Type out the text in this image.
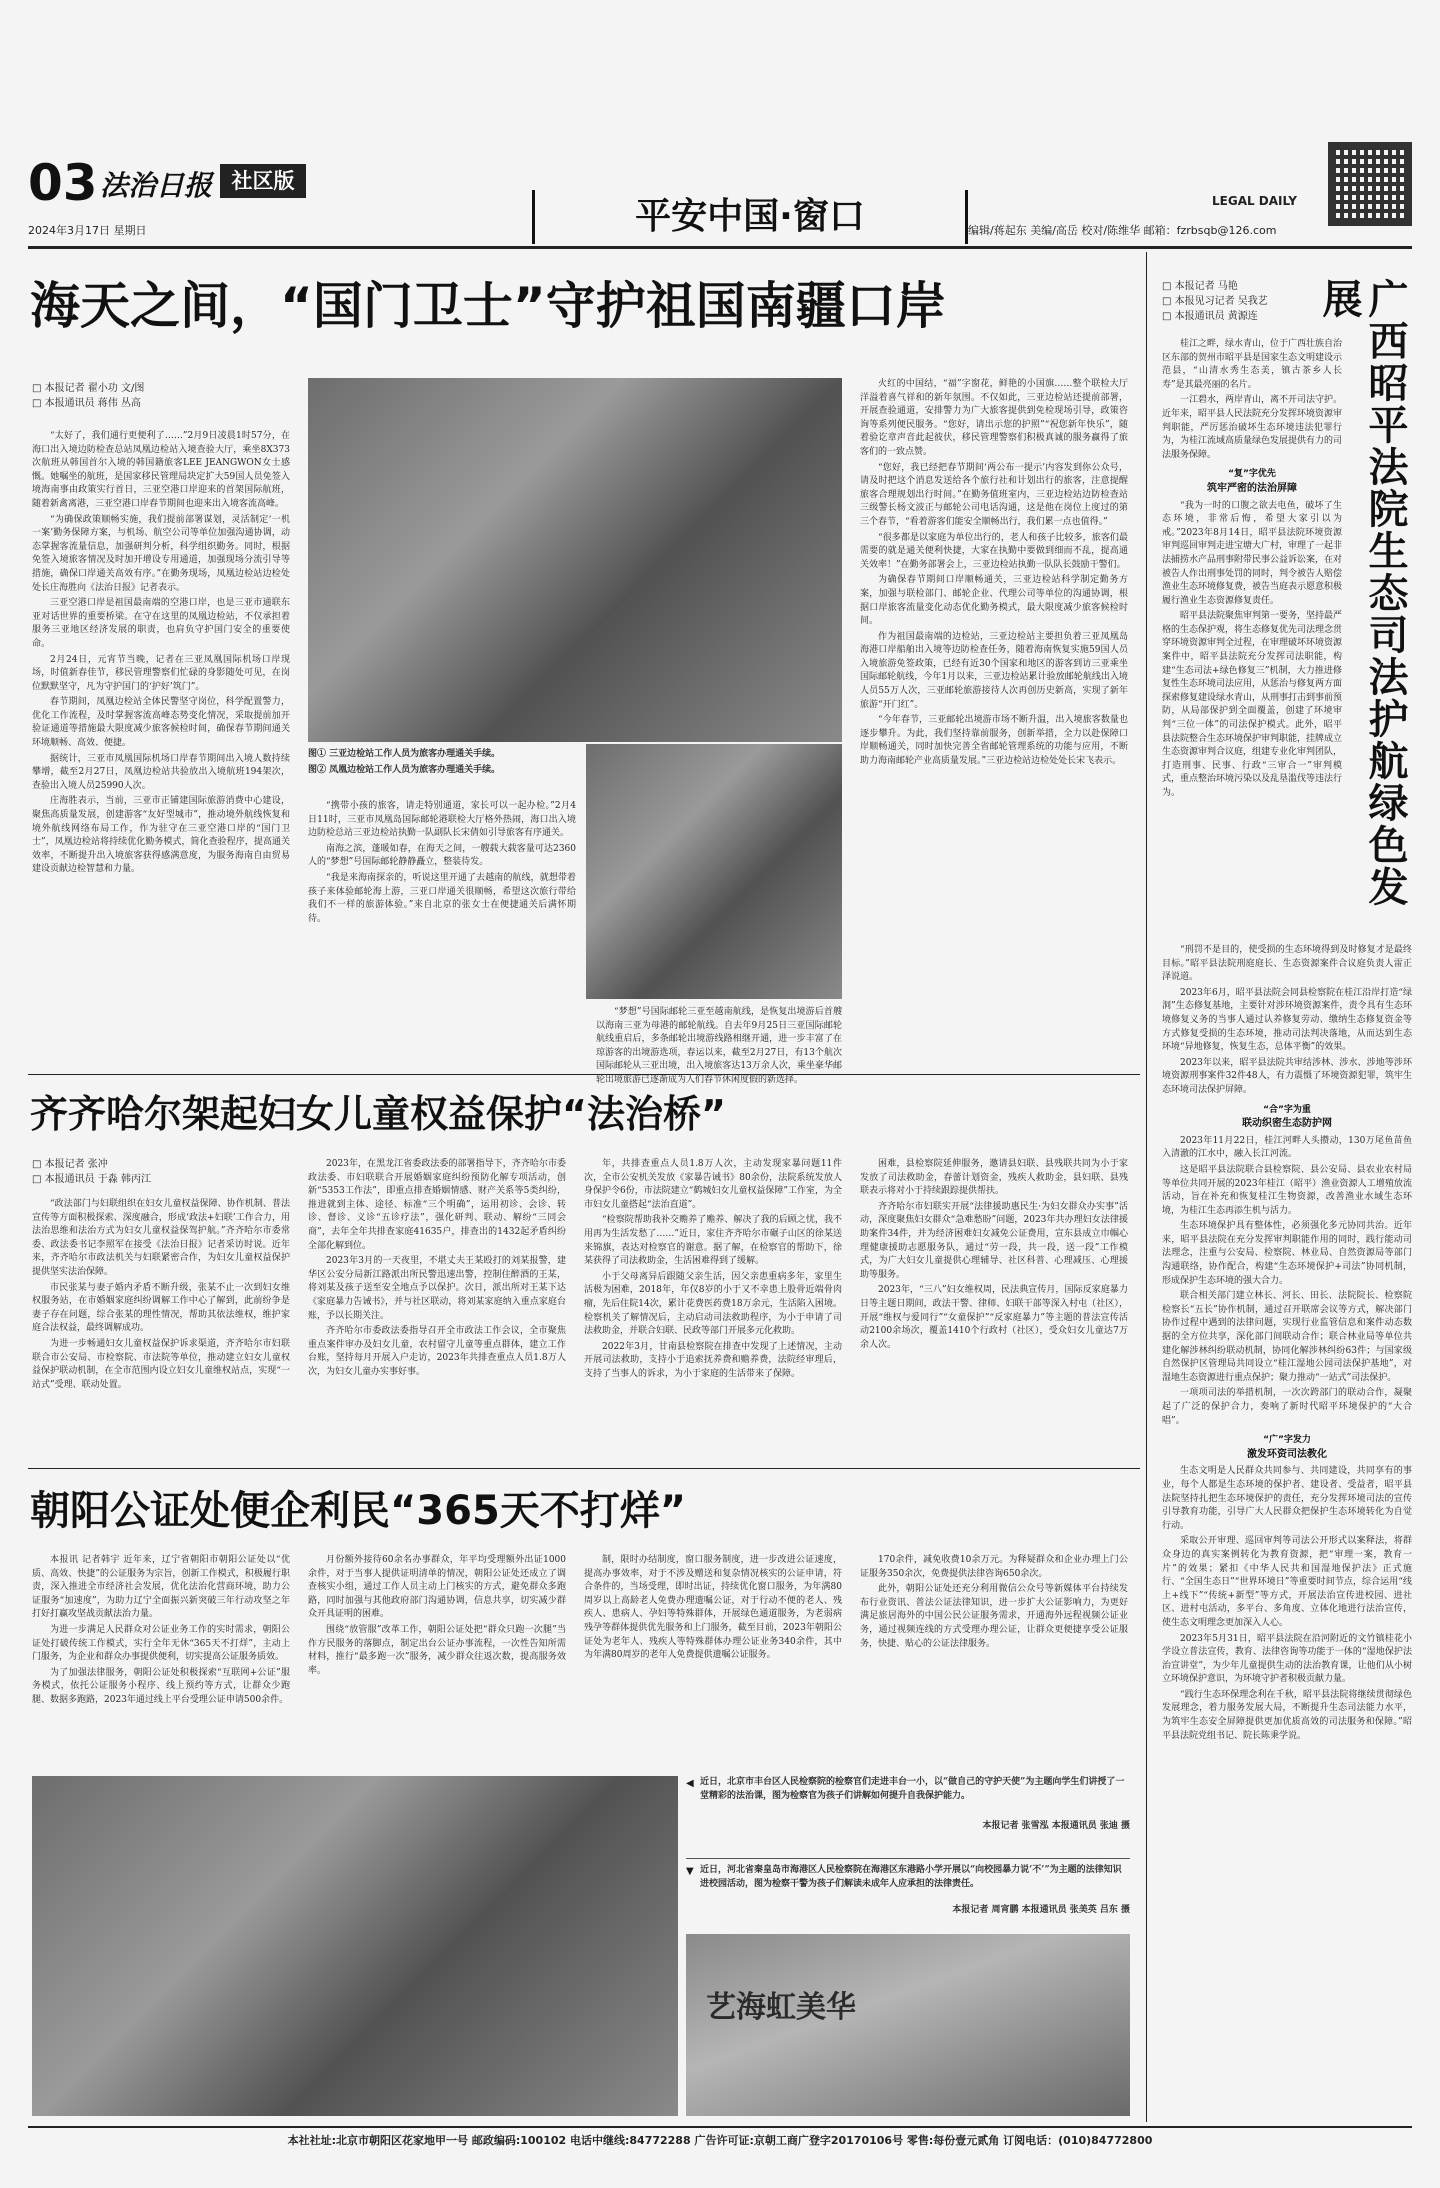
03 法治日报 社区版
2024年3月17日 星期日	平安中国·窗口	LEGAL DAILY
编辑/蒋起东 美编/高岳 校对/陈维华 邮箱：fzrbsqb@126.com
海天之间，“国门卫士”守护祖国南疆口岸
□ 本报记者 翟小功 文/图
□ 本报通讯员 蒋伟 丛高

“太好了，我们通行更便利了……”2月9日凌晨1时57分，在海口出入境边防检查总站凤凰边检站入境查验大厅，乘坐8X373次航班从韩国首尔入境的韩国籍旅客LEE JEANGWON女士感慨。她嘱坐的航班，是国家移民管理局块定扩大59国人员免签入境海南事由政策实行首日，三亚空港口岸迎来的首架国际航班，随着新禽离港，三亚空港口岸春节期间也迎来出入境客流高峰。

“为确保政策顺畅实施，我们提前部署谋划，灵活制定‘一机一案’勤务保障方案，与机场、航空公司等单位加强沟通协调，动态掌握客流量信息，加强研判分析，科学组织勤务。同时，根据免签入境旅客情况及时加开增设专用通道，加强现场分流引导等措施，确保口岸通关高效有序。”在勤务现场，凤凰边检站边检处处长庄海胜向《法治日报》记者表示。

三亚空港口岸是祖国最南端的空港口岸，也是三亚市通联东亚对话世界的重要桥梁。在守在这里的凤凰边检站，不仅承担着服务三亚地区经济发展的职责，也肩负守护国门安全的重要使命。

2月24日，元宵节当晚，记者在三亚凤凰国际机场口岸现场，时值新春佳节，移民管理警察们忙碌的身影随处可见，在岗位默默坚守，凡为守护国门的‘护好’筑门”。

春节期间，凤凰边检站全体民警坚守岗位，科学配置警力，优化工作流程，及时掌握客流高峰态势变化情况，采取提前加开验证通道等措施最大限度减少旅客候检时间，确保春节期间通关环境顺畅、高效、便捷。

据统计，三亚市凤凰国际机场口岸春节期间出入境人数持续攀增，截至2月27日，凤凰边检站共验放出入境航班194架次，查验出入境人员25990人次。

庄海胜表示，当前，三亚市正铺建国际旅游消费中心建设，聚焦高质量发展，创建游客“友好型城市”，推动境外航线恢复和境外航线网络布局工作，作为驻守在三亚空港口岸的“国门卫士”，凤凰边检站将持续优化勤务模式，简化查验程序，提高通关效率，不断提升出入境旅客获得感满意度，为服务海南自由贸易建设贡献边检智慧和力量。

图① 三亚边检站工作人员为旅客办理通关手续。
图② 凤凰边检站工作人员为旅客办理通关手续。

“携带小孩的旅客，请走特别通道，家长可以一起办检。”2月4日11时，三亚市凤凰岛国际邮轮港联检大厅格外热闹，海口出入境边防检总站三亚边检站执勤一队副队长宋倩如引导旅客有序通关。

南海之滨，蓬暖如春，在海天之间，一艘载大载客量可达2360人的“梦想”号国际邮轮静静矗立，整装待发。

“我是来海南探亲的，听说这里开通了去越南的航线，就想带着孩子来体验邮轮海上游，三亚口岸通关很顺畅，希望这次旅行带给我们不一样的旅游体验。”来自北京的张女士在便捷通关后满怀期待。

“梦想”号国际邮轮三亚至越南航线，是恢复出境游后首艘以海南三亚为母港的邮轮航线。自去年9月25日三亚国际邮轮航线重启后，多条邮轮出境游线路相继开通，进一步丰富了在琼游客的出境游选项，春运以来，截至2月27日，有13个航次国际邮轮从三亚出境，出入境旅客达13万余人次，乘坐豪华邮轮出境旅游已逐渐成为人们春节休闲度假的新选择。

火红的中国结，“福”字窗花，鲜艳的小国旗……整个联检大厅洋溢着喜气祥和的新年氛围。不仅如此，三亚边检站还提前部署，开展查验通道，安排警力为广大旅客提供到免检现场引导，政策咨询等系列便民服务。“您好，请出示您的护照”“祝您新年快乐”，随着验讫章声音此起彼伏，移民管理警察们积极真诚的服务赢得了旅客们的一致点赞。

“您好，我已经把春节期间‘两公布一提示’内容发到你公众号，请及时把这个消息发送给各个旅行社和计划出行的旅客，注意提醒旅客合理规划出行时间。”在勤务值班室内，三亚边检站边防检查站三级警长杨文波正与邮轮公司电话沟通，这是他在岗位上度过的第三个春节，“看着游客们能安全顺畅出行，我们累一点也值得。”

“很多都是以家庭为单位出行的，老人和孩子比较多，旅客们最需要的就是通关便利快捷，大家在执勤中要做到细而不乱，提高通关效率！”在勤务部署会上，三亚边检站执勤一队队长鼓励干警们。

为确保春节期间口岸顺畅通关，三亚边检站科学制定勤务方案，加强与联检部门、邮轮企业、代理公司等单位的沟通协调，根据口岸旅客流量变化动态优化勤务模式，最大限度减少旅客候检时间。

作为祖国最南端的边检站，三亚边检站主要担负着三亚凤凰岛海港口岸船舶出入境等边防检查任务，随着海南恢复实施59国人员入境旅游免签政策，已经有近30个国家和地区的游客到访三亚乘坐国际邮轮航线，今年1月以来，三亚边检站累计验放邮轮航线出入境人员55万人次，三亚邮轮旅游接待人次再创历史新高，实现了新年旅游“开门红”。

“今年春节，三亚邮轮出境游市场不断升温，出入境旅客数量也逐步攀升。为此，我们坚持靠前服务，创新举措，全力以赴保障口岸顺畅通关，同时加快完善全省邮轮管理系统的功能与应用，不断助力海南邮轮产业高质量发展。”三亚边检站边检处处长宋飞表示。

齐齐哈尔架起妇女儿童权益保护“法治桥”
□ 本报记者 张冲
□ 本报通讯员 于淼 韩丙江

“政法部门与妇联组织在妇女儿童权益保障、协作机制、普法宣传等方面积极探索、深度融合，形成‘政法+妇联’工作合力，用法治思维和法治方式为妇女儿童权益保驾护航。”齐齐哈尔市委常委、政法委书记李照军在接受《法治日报》记者采访时说。近年来，齐齐哈尔市政法机关与妇联紧密合作，为妇女儿童权益保护提供坚实法治保障。

市民张某与妻子婚内矛盾不断升级，张某不止一次到妇女维权服务站，在市婚姻家庭纠纷调解工作中心了解到，此前纷争是妻子存在问题，综合张某的理性情况，帮助其依法维权，维护家庭合法权益，最终调解成功。

为进一步畅通妇女儿童权益保护诉求渠道，齐齐哈尔市妇联联合市公安局、市检察院、市法院等单位，推动建立妇女儿童权益保护联动机制，在全市范围内设立妇女儿童维权站点，实现“一站式”受理、联动处置。

2023年，在黑龙江省委政法委的部署指导下，齐齐哈尔市委政法委、市妇联联合开展婚姻家庭纠纷预防化解专项活动，创新“5353工作法”，即重点排查婚姻情感、财产关系等5类纠纷，推进就到主体、途径、标准“三个明确”，运用初诊、会诊、转诊、督诊、义诊“五诊疗法”，强化研判、联动、解纷“三同会商”，去年全年共排查家庭41635户，排查出的1432起矛盾纠纷全部化解到位。

2023年3月的一天夜里，不堪丈夫王某殴打的刘某报警，建华区公安分局新江路派出所民警迅速出警，控制住醉酒的王某，将刘某及孩子送至安全地点予以保护。次日，派出所对王某下达《家庭暴力告诫书》，并与社区联动，将刘某家庭纳入重点家庭台账，予以长期关注。

齐齐哈尔市委政法委指导召开全市政法工作会议，全市聚焦重点案件审办及妇女儿童，农村留守儿童等重点群体，建立工作台账，坚持每月开展入户走访，2023年共排查重点人员1.8万人次，为妇女儿童办实事好事。

年，共排查重点人员1.8万人次，主动发现家暴问题11件次，全市公安机关发放《家暴告诫书》80余份，法院系统发放人身保护令6份，市法院建立“鹤城妇女儿童权益保障”工作室，为全市妇女儿童搭起“法治直道”。

“检察院帮助我补交赡养了赡养、解决了我的后顾之忧，我不用再为生活发愁了……”近日，家住齐齐哈尔市碾子山区的徐某送来锦旗，表达对检察官的谢意。据了解，在检察官的帮助下，徐某获得了司法救助金，生活困难得到了缓解。

小于父母离异后跟随父亲生活，因父亲患重病多年，家里生活极为困难，2018年，年仅8岁的小于又不幸患上股骨近端骨肉瘤，先后住院14次，累计花费医药费18万余元，生活陷入困境。检察机关了解情况后，主动启动司法救助程序，为小于申请了司法救助金，并联合妇联、民政等部门开展多元化救助。

2022年3月，甘南县检察院在排查中发现了上述情况，主动开展司法救助，支持小于追索抚养费和赡养费，法院经审理后，支持了当事人的诉求，为小于家庭的生活带来了保障。

困难，县检察院延伸服务，邀请县妇联、县残联共同为小于家发放了司法救助金，春蕾计划资金，残疾人救助金，县妇联、县残联表示将对小于持续跟踪提供帮扶。

齐齐哈尔市妇联实开展“法律援助惠民生·为妇女群众办实事”活动，深度聚焦妇女群众“急难愁盼”问题，2023年共办理妇女法律援助案件34件，并为经济困难妇女减免公证费用，宣东县成立巾帼心理健康援助志愿服务队，通过“劳一段，共一段，送一段”工作模式，为广大妇女儿童提供心理辅导、社区科普、心理减压、心理援助等服务。

2023年，“三八”妇女维权周，民法典宣传月，国际反家庭暴力日等主题日期间，政法干警、律师、妇联干部等深入村屯（社区），开展“维权与爱同行”“女童保护”“反家庭暴力”等主题的普法宣传活动2100余场次，覆盖1410个行政村（社区），受众妇女儿童达7万余人次。

朝阳公证处便企利民“365天不打烊”

本报讯 记者韩宇 近年来，辽宁省朝阳市朝阳公证处以“优质、高效、快捷”的公证服务为宗旨，创新工作模式，积极履行职责，深入推进全市经济社会发展，优化法治化营商环境，助力公证服务“加速度”，为助力辽宁全面振兴新突破三年行动攻坚之年打好打赢攻坚战贡献法治力量。

为进一步满足人民群众对公证业务工作的实时需求，朝阳公证处打破传统工作模式，实行全年无休“365天不打烊”，主动上门服务，为企业和群众办事提供便利，切实提高公证服务质效。

为了加强法律服务，朝阳公证处积极探索“互联网+公证”服务模式，依托公证服务小程序、线上预约等方式，让群众少跑腿、数据多跑路，2023年通过线上平台受理公证申请500余件。

月份额外接待60余名办事群众，年平均受理额外出证1000余件，对于当事人提供证明清单的情况，朝阳公证处还成立了调查核实小组，通过工作人员主动上门核实的方式，避免群众多跑路，同时加强与其他政府部门沟通协调，信息共享，切实减少群众开具证明的困难。

围绕“放管服”改革工作，朝阳公证处把“群众只跑一次腿”当作方民服务的落脚点，制定出台公证办事流程，一次性告知所需材料，推行“最多跑一次”服务，减少群众往返次数，提高服务效率。

制，限时办结制度，窗口服务制度，进一步改进公证速度，提高办事效率，对于不涉及赠送和复杂情况核实的公证申请，符合条件的，当场受理，即时出证，持续优化窗口服务，为年满80周岁以上高龄老人免费办理遗嘱公证，对于行动不便的老人、残疾人、患病人、孕妇等特殊群体，开展绿色通道服务，为老弱病残孕等群体提供优先服务和上门服务，截至目前，2023年朝阳公证处为老年人、残疾人等特殊群体办理公证业务340余件，其中为年满80周岁的老年人免费提供遗嘱公证服务。

170余件，减免收费10余万元。为释疑群众和企业办理上门公证服务350余次，免费提供法律咨询650余次。

此外，朝阳公证处还充分利用微信公众号等新媒体平台持续发布行业资讯、普法公证法律知识，进一步扩大公证影响力，为更好满足旅居海外的中国公民公证服务需求，开通海外远程视频公证业务，通过视频连线的方式受理办理公证，让群众更便捷享受公证服务，快捷、贴心的公证法律服务。

◀ 近日，北京市丰台区人民检察院的检察官们走进丰台一小，以“做自己的守护天使”为主题向学生们讲授了一堂精彩的法治课，图为检察官为孩子们讲解如何提升自我保护能力。
本报记者 张雪泓 本报通讯员 张迪 摄
▼ 近日，河北省秦皇岛市海港区人民检察院在海港区东港路小学开展以“向校园暴力说‘不’”为主题的法律知识进校园活动，图为检察干警为孩子们解读未成年人应承担的法律责任。
本报记者 周宵鹏 本报通讯员 张美英 吕东 摄
艺海虹美华
□ 本报记者 马艳
□ 本报见习记者 吴我艺
□ 本报通讯员 黄源连	广西昭平法院生态司法护航绿色发展

桂江之畔，绿水青山，位于广西壮族自治区东部的贺州市昭平县是国家生态文明建设示范县，“山清水秀生态美，镇古茶乡人长寿”是其最亮丽的名片。

一江碧水，两岸青山，离不开司法守护。近年来，昭平县人民法院充分发挥环境资源审判职能，严厉惩治破坏生态环境违法犯罪行为，为桂江流域高质量绿色发展提供有力的司法服务保障。

“复”字优先
筑牢严密的法治屏障

“我为一时的口腹之欲去电鱼，破坏了生态环境，非常后悔，希望大家引以为戒。”2023年8月14日，昭平县法院环境资源审判巡回审判走进宝塘大广村，审理了一起非法捕捞水产品刑事附带民事公益诉讼案，在对被告人作出刑事处罚的同时，判令被告人赔偿渔业生态环境修复费，被告当庭表示愿意积极履行渔业生态资源修复责任。

昭平县法院聚焦审判第一要务，坚持最严格的生态保护观，将生态修复优先司法理念贯穿环境资源审判全过程，在审理破坏环境资源案件中，昭平县法院充分发挥司法职能，构建“生态司法+绿色修复三”机制，大力推进修复性生态环境司法应用，从惩治与修复两方面探索修复建设绿水青山，从刑事打击到事前预防，从局部保护到全面覆盖，创建了环境审判“三位一体”的司法保护模式。此外，昭平县法院整合生态环境保护审判职能，挂牌成立生态资源审判合议庭，组建专业化审判团队，打造刑事、民事、行政“三审合一”审判模式，重点整治环境污染以及乱垦滥伐等违法行为。

“刑罚不是目的，使受损的生态环境得到及时修复才是最终目标。”昭平县法院刑庭庭长、生态资源案件合议庭负责人雷正泽说道。

2023年6月，昭平县法院会同县检察院在桂江沿岸打造“绿洞”生态修复基地，主要针对涉环境资源案件，责令具有生态环境修复义务的当事人通过认养修复劳动、缴纳生态修复资金等方式修复受损的生态环境，推动司法判决落地，从而达到生态环境“异地修复，恢复生态，总体平衡”的效果。

2023年以来，昭平县法院共审结涉林、涉水、涉地等涉环境资源刑事案件32件48人，有力震慑了环境资源犯罪，筑牢生态环境司法保护屏障。

“合”字为重
联动织密生态防护网

2023年11月22日，桂江河畔人头攒动，130万尾鱼苗鱼入清澈的江水中，融入长江河流。

这是昭平县法院联合县检察院、县公安局、县农业农村局等单位共同开展的2023年桂江（昭平）渔业资源人工增殖放流活动，旨在补充和恢复桂江生物资源，改善渔业水域生态环境，为桂江生态再添生机与活力。

生态环境保护具有整体性，必须强化多元协同共治。近年来，昭平县法院在充分发挥审判职能作用的同时，践行能动司法理念，注重与公安局、检察院、林业局、自然资源局等部门沟通联络，协作配合，构建“生态环境保护+司法”协同机制，形成保护生态环境的强大合力。

联合相关部门建立林长、河长、田长、法院院长、检察院检察长“五长”协作机制，通过召开联席会议等方式，解决部门协作过程中遇到的法律问题，实现行业监管信息和案件动态数据的全方位共享，深化部门间联动合作；联合林业局等单位共建化解涉林纠纷联动机制，协同化解涉林纠纷63件；与国家级自然保护区管理局共同设立“桂江湿地公园司法保护基地”，对湿地生态资源进行重点保护；聚力推动“一站式”司法保护。

一项项司法的举措机制，一次次跨部门的联动合作，凝聚起了广泛的保护合力，奏响了新时代昭平环境保护的“大合唱”。

“广”字发力
激发环资司法教化

生态文明是人民群众共同参与、共同建设，共同享有的事业，每个人都是生态环境的保护者、建设者、受益者，昭平县法院坚持扎把生态环境保护的责任，充分发挥环境司法的宣传引导教育功能，引导广大人民群众把保护生态环境转化为自觉行动。

采取公开审理、巡回审判等司法公开形式以案释法，将群众身边的真实案例转化为教育资源，把“审理一案，教育一片”的效果；紧扣《中华人民共和国湿地保护法》正式施行、“全国生态日”“世界环境日”等重要时间节点，综合运用“线上+线下”“传统+新型”等方式，开展法治宣传进校园、进社区、进村屯活动，多平台、多角度、立体化地进行法治宣传，使生态文明理念更加深入人心。

2023年5月31日，昭平县法院在沿河附近的文竹镇桂花小学设立普法宣传，教育、法律咨询等功能于一体的“湿地保护法治宣讲堂”，为少年儿童提供生动的法治教育课，让他们从小树立环境保护意识，为环境守护者积极贡献力量。

“践行生态环保理念利在千秋，昭平县法院将继续贯彻绿色发展理念，着力服务发展大局，不断提升生态司法能力水平，为筑牢生态安全屏障提供更加优质高效的司法服务和保障。”昭平县法院党组书记、院长陈秉学说。

本社社址:北京市朝阳区花家地甲一号 邮政编码:100102 电话中继线:84772288 广告许可证:京朝工商广登字20170106号 零售:每份壹元贰角 订阅电话：(010)84772800
